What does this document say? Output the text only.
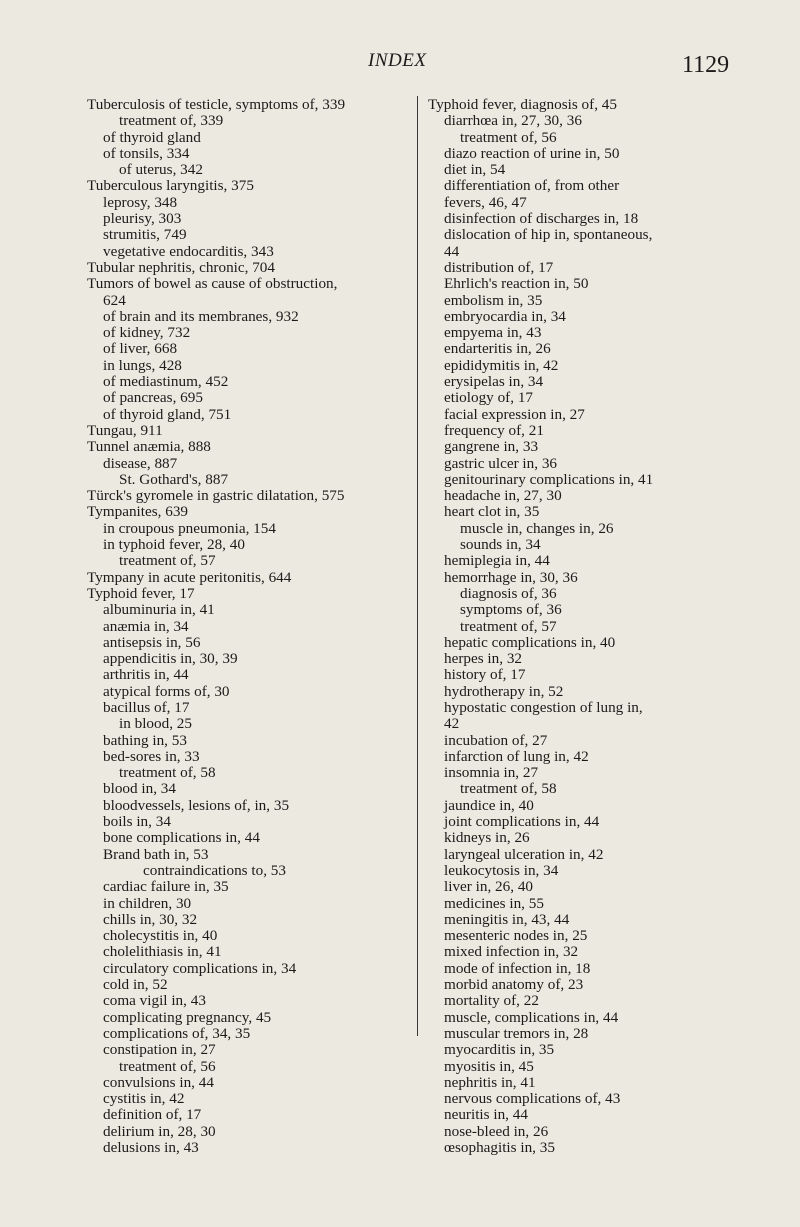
INDEX	1129
Tuberculosis of testicle, symptoms of, 339
treatment of, 339
of thyroid gland
of tonsils, 334
of uterus, 342
Tuberculous laryngitis, 375
leprosy, 348
pleurisy, 303
strumitis, 749
vegetative endocarditis, 343
Tubular nephritis, chronic, 704
Tumors of bowel as cause of obstruction,
624
of brain and its membranes, 932
of kidney, 732
of liver, 668
in lungs, 428
of mediastinum, 452
of pancreas, 695
of thyroid gland, 751
Tungau, 911
Tunnel anæmia, 888
disease, 887
St. Gothard's, 887
Türck's gyromele in gastric dilatation, 575
Tympanites, 639
in croupous pneumonia, 154
in typhoid fever, 28, 40
treatment of, 57
Tympany in acute peritonitis, 644
Typhoid fever, 17
albuminuria in, 41
anæmia in, 34
antisepsis in, 56
appendicitis in, 30, 39
arthritis in, 44
atypical forms of, 30
bacillus of, 17
in blood, 25
bathing in, 53
bed-sores in, 33
treatment of, 58
blood in, 34
bloodvessels, lesions of, in, 35
boils in, 34
bone complications in, 44
Brand bath in, 53
contraindications to, 53
cardiac failure in, 35
in children, 30
chills in, 30, 32
cholecystitis in, 40
cholelithiasis in, 41
circulatory complications in, 34
cold in, 52
coma vigil in, 43
complicating pregnancy, 45
complications of, 34, 35
constipation in, 27
treatment of, 56
convulsions in, 44
cystitis in, 42
definition of, 17
delirium in, 28, 30
delusions in, 43
Typhoid fever, diagnosis of, 45
diarrhœa in, 27, 30, 36
treatment of, 56
diazo reaction of urine in, 50
diet in, 54
differentiation of, from other
fevers, 46, 47
disinfection of discharges in, 18
dislocation of hip in, spontaneous,
44
distribution of, 17
Ehrlich's reaction in, 50
embolism in, 35
embryocardia in, 34
empyema in, 43
endarteritis in, 26
epididymitis in, 42
erysipelas in, 34
etiology of, 17
facial expression in, 27
frequency of, 21
gangrene in, 33
gastric ulcer in, 36
genitourinary complications in, 41
headache in, 27, 30
heart clot in, 35
muscle in, changes in, 26
sounds in, 34
hemiplegia in, 44
hemorrhage in, 30, 36
diagnosis of, 36
symptoms of, 36
treatment of, 57
hepatic complications in, 40
herpes in, 32
history of, 17
hydrotherapy in, 52
hypostatic congestion of lung in,
42
incubation of, 27
infarction of lung in, 42
insomnia in, 27
treatment of, 58
jaundice in, 40
joint complications in, 44
kidneys in, 26
laryngeal ulceration in, 42
leukocytosis in, 34
liver in, 26, 40
medicines in, 55
meningitis in, 43, 44
mesenteric nodes in, 25
mixed infection in, 32
mode of infection in, 18
morbid anatomy of, 23
mortality of, 22
muscle, complications in, 44
muscular tremors in, 28
myocarditis in, 35
myositis in, 45
nephritis in, 41
nervous complications of, 43
neuritis in, 44
nose-bleed in, 26
œsophagitis in, 35
